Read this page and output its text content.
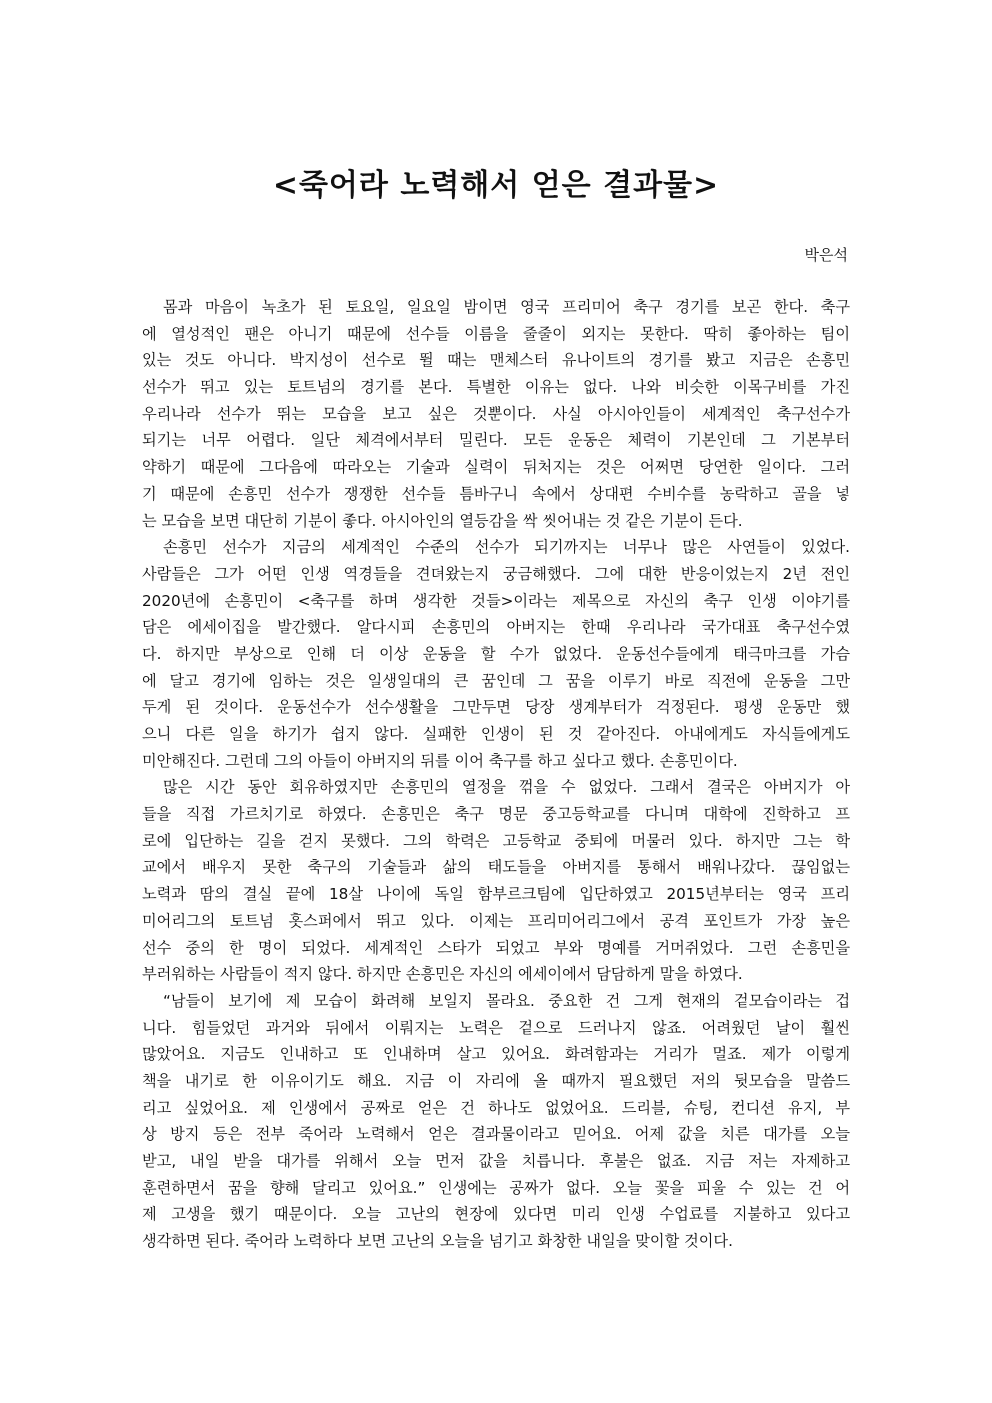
<죽어라 노력해서 얻은 결과물>
박은석
몸과 마음이 녹초가 된 토요일, 일요일 밤이면 영국 프리미어 축구 경기를 보곤 한다. 축구
에 열성적인 팬은 아니기 때문에 선수들 이름을 줄줄이 외지는 못한다. 딱히 좋아하는 팀이
있는 것도 아니다. 박지성이 선수로 뛸 때는 맨체스터 유나이트의 경기를 봤고 지금은 손흥민
선수가 뛰고 있는 토트넘의 경기를 본다. 특별한 이유는 없다. 나와 비슷한 이목구비를 가진
우리나라 선수가 뛰는 모습을 보고 싶은 것뿐이다. 사실 아시아인들이 세계적인 축구선수가
되기는 너무 어렵다. 일단 체격에서부터 밀린다. 모든 운동은 체력이 기본인데 그 기본부터
약하기 때문에 그다음에 따라오는 기술과 실력이 뒤처지는 것은 어쩌면 당연한 일이다. 그러
기 때문에 손흥민 선수가 쟁쟁한 선수들 틈바구니 속에서 상대편 수비수를 농락하고 골을 넣
는 모습을 보면 대단히 기분이 좋다. 아시아인의 열등감을 싹 씻어내는 것 같은 기분이 든다.
손흥민 선수가 지금의 세계적인 수준의 선수가 되기까지는 너무나 많은 사연들이 있었다.
사람들은 그가 어떤 인생 역경들을 견뎌왔는지 궁금해했다. 그에 대한 반응이었는지 2년 전인
2020년에 손흥민이 <축구를 하며 생각한 것들>이라는 제목으로 자신의 축구 인생 이야기를
담은 에세이집을 발간했다. 알다시피 손흥민의 아버지는 한때 우리나라 국가대표 축구선수였
다. 하지만 부상으로 인해 더 이상 운동을 할 수가 없었다. 운동선수들에게 태극마크를 가슴
에 달고 경기에 임하는 것은 일생일대의 큰 꿈인데 그 꿈을 이루기 바로 직전에 운동을 그만
두게 된 것이다. 운동선수가 선수생활을 그만두면 당장 생계부터가 걱정된다. 평생 운동만 했
으니 다른 일을 하기가 쉽지 않다. 실패한 인생이 된 것 같아진다. 아내에게도 자식들에게도
미안해진다. 그런데 그의 아들이 아버지의 뒤를 이어 축구를 하고 싶다고 했다. 손흥민이다.
많은 시간 동안 회유하였지만 손흥민의 열정을 꺾을 수 없었다. 그래서 결국은 아버지가 아
들을 직접 가르치기로 하였다. 손흥민은 축구 명문 중고등학교를 다니며 대학에 진학하고 프
로에 입단하는 길을 걷지 못했다. 그의 학력은 고등학교 중퇴에 머물러 있다. 하지만 그는 학
교에서 배우지 못한 축구의 기술들과 삶의 태도들을 아버지를 통해서 배워나갔다. 끊임없는
노력과 땀의 결실 끝에 18살 나이에 독일 함부르크팀에 입단하였고 2015년부터는 영국 프리
미어리그의 토트넘 홋스퍼에서 뛰고 있다. 이제는 프리미어리그에서 공격 포인트가 가장 높은
선수 중의 한 명이 되었다. 세계적인 스타가 되었고 부와 명예를 거머쥐었다. 그런 손흥민을
부러워하는 사람들이 적지 않다. 하지만 손흥민은 자신의 에세이에서 담담하게 말을 하였다.
“남들이 보기에 제 모습이 화려해 보일지 몰라요. 중요한 건 그게 현재의 겉모습이라는 겁
니다. 힘들었던 과거와 뒤에서 이뤄지는 노력은 겉으로 드러나지 않죠. 어려웠던 날이 훨씬
많았어요. 지금도 인내하고 또 인내하며 살고 있어요. 화려함과는 거리가 멀죠. 제가 이렇게
책을 내기로 한 이유이기도 해요. 지금 이 자리에 올 때까지 필요했던 저의 뒷모습을 말씀드
리고 싶었어요. 제 인생에서 공짜로 얻은 건 하나도 없었어요. 드리블, 슈팅, 컨디션 유지, 부
상 방지 등은 전부 죽어라 노력해서 얻은 결과물이라고 믿어요. 어제 값을 치른 대가를 오늘
받고, 내일 받을 대가를 위해서 오늘 먼저 값을 치릅니다. 후불은 없죠. 지금 저는 자제하고
훈련하면서 꿈을 향해 달리고 있어요.” 인생에는 공짜가 없다. 오늘 꽃을 피울 수 있는 건 어
제 고생을 했기 때문이다. 오늘 고난의 현장에 있다면 미리 인생 수업료를 지불하고 있다고
생각하면 된다. 죽어라 노력하다 보면 고난의 오늘을 넘기고 화창한 내일을 맞이할 것이다.
